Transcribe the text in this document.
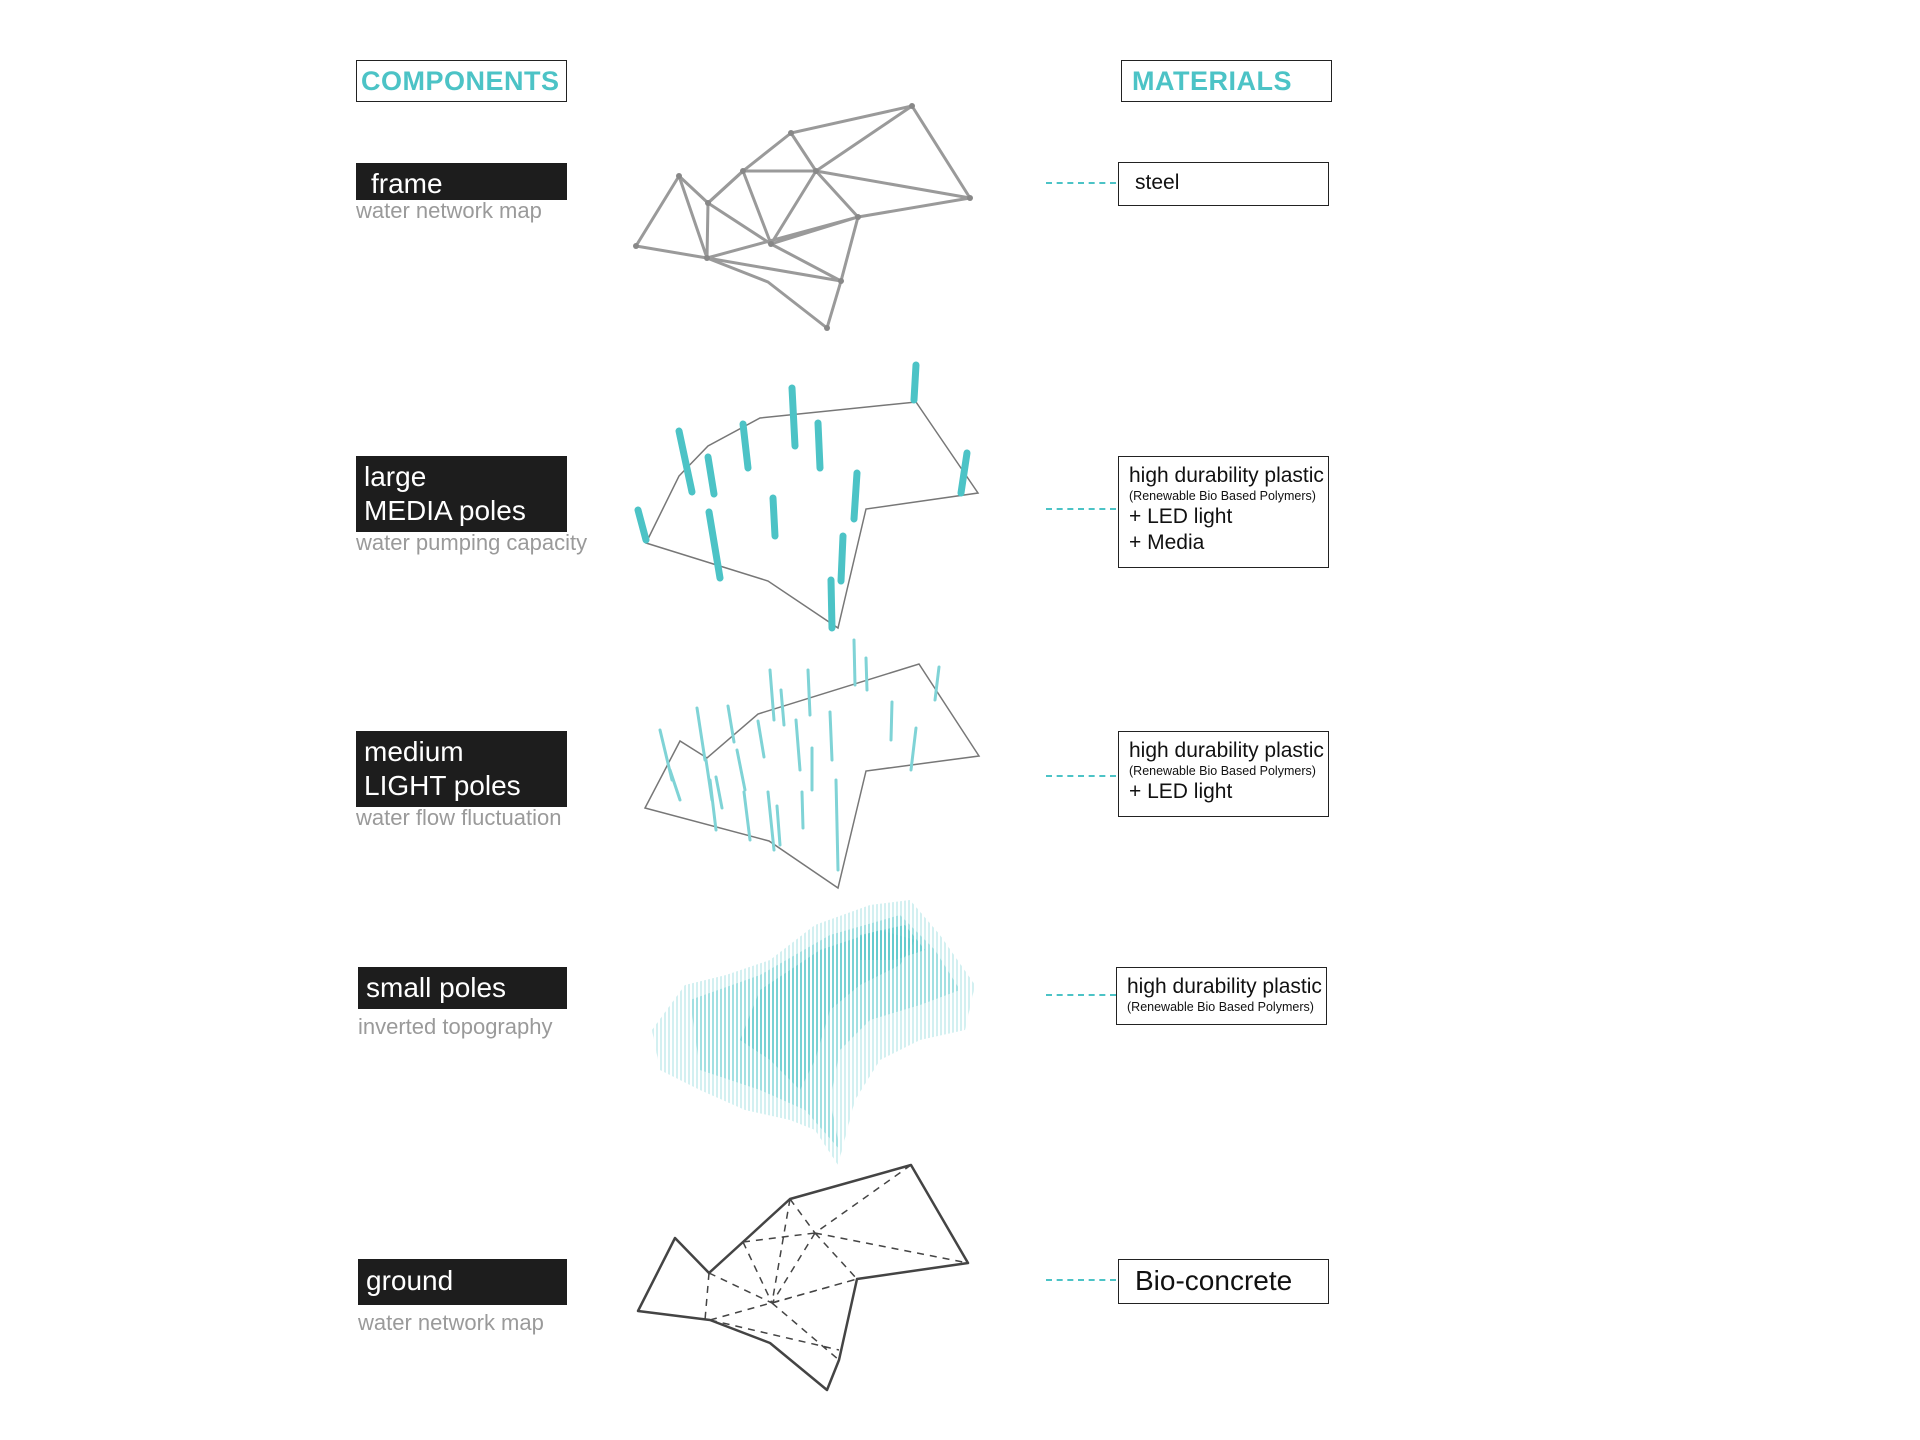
COMPONENTS	MATERIALS
frame
water network map
large
MEDIA poles
water pumping capacity
medium
LIGHT poles
water flow fluctuation
small poles
inverted topography
ground
water network map
steel
high durability plastic
(Renewable Bio Based Polymers)
+ LED light
+ Media
high durability plastic
(Renewable Bio Based Polymers)
+ LED light
high durability plastic
(Renewable Bio Based Polymers)
Bio-concrete
